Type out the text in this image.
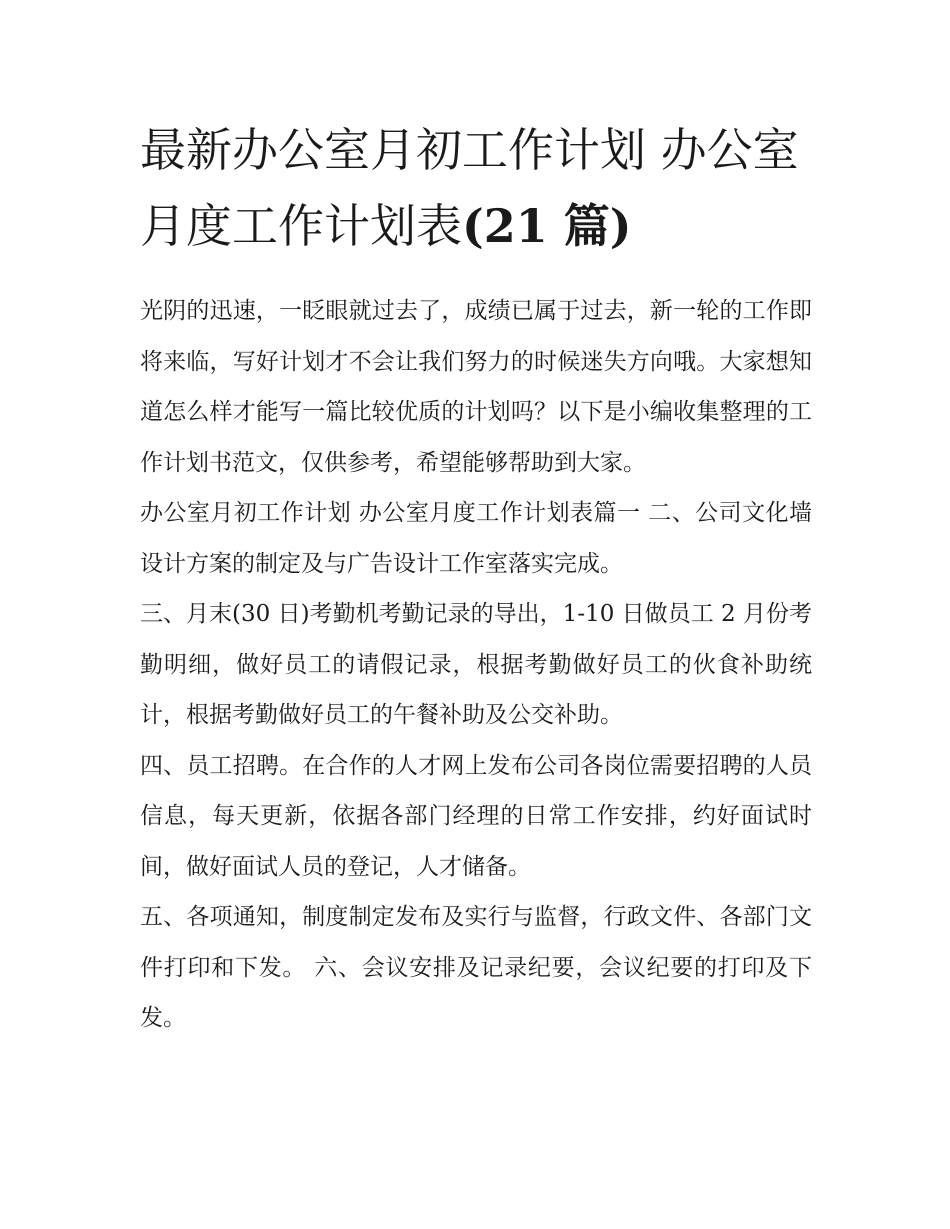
最新办公室月初工作计划 办公室月度工作计划表(21 篇)

光阴的迅速，一眨眼就过去了，成绩已属于过去，新一轮的工作即将来临，写好计划才不会让我们努力的时候迷失方向哦。大家想知道怎么样才能写一篇比较优质的计划吗？以下是小编收集整理的工作计划书范文，仅供参考，希望能够帮助到大家。

办公室月初工作计划 办公室月度工作计划表篇一 二、公司文化墙设计方案的制定及与广告设计工作室落实完成。

三、月末(30 日)考勤机考勤记录的导出，1-10 日做员工 2 月份考勤明细，做好员工的请假记录，根据考勤做好员工的伙食补助统计，根据考勤做好员工的午餐补助及公交补助。

四、员工招聘。在合作的人才网上发布公司各岗位需要招聘的人员信息，每天更新，依据各部门经理的日常工作安排，约好面试时间，做好面试人员的登记，人才储备。

五、各项通知，制度制定发布及实行与监督，行政文件、各部门文件打印和下发。 六、会议安排及记录纪要，会议纪要的打印及下发。
